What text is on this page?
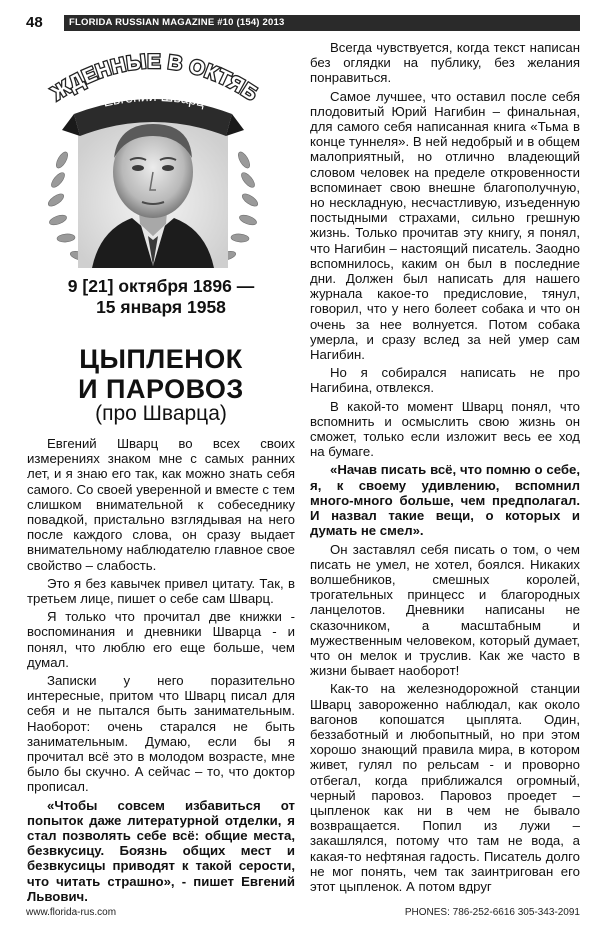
48	FLORIDA RUSSIAN MAGAZINE #10 (154) 2013
ЖДЕННЫЕ В ОКТЯБ
Евгений Шварц
9 [21] октября 1896 —
15 января 1958
ЦЫПЛЕНОК
И ПАРОВОЗ
(про Шварца)

Евгений Шварц во всех своих измерениях знаком мне с самых ранних лет, и я знаю его так, как можно знать себя самого. Со своей уверенной и вместе с тем слишком внимательной к собеседнику повадкой, пристально взглядывая на него после каждого слова, он сразу выдает внимательному наблюдателю главное свое свойство – слабость.

Это я без кавычек привел цитату. Так, в третьем лице, пишет о себе сам Шварц.

Я только что прочитал две книжки - воспоминания и дневники Шварца - и понял, что люблю его еще больше, чем думал.

Записки у него поразительно интересные, притом что Шварц писал для себя и не пытался быть занимательным. Наоборот: очень старался не быть занимательным. Думаю, если бы я прочитал всё это в молодом возрасте, мне было бы скучно. А сейчас – то, что доктор прописал.

«Чтобы совсем избавиться от попыток даже литературной отделки, я стал позволять себе всё: общие места, безвкусицу. Боязнь общих мест и безвкусицы приводят к такой серости, что читать страшно», - пишет Евгений Львович.

Всегда чувствуется, когда текст написан без оглядки на публику, без желания понравиться.

Самое лучшее, что оставил после себя плодовитый Юрий Нагибин – финальная, для самого себя написанная книга «Тьма в конце туннеля». В ней недобрый и в общем малоприятный, но отлично владеющий словом человек на пределе откровенности вспоминает свою внешне благополучную, но нескладную, несчастливую, изъеденную постыдными страхами, сильно грешную жизнь. Только прочитав эту книгу, я понял, что Нагибин – настоящий писатель. Заодно вспомнилось, каким он был в последние дни. Должен был написать для нашего журнала какое-то предисловие, тянул, говорил, что у него болеет собака и что он очень за нее волнуется. Потом собака умерла, и сразу вслед за ней умер сам Нагибин.

Но я собирался написать не про Нагибина, отвлекся.

В какой-то момент Шварц понял, что вспомнить и осмыслить свою жизнь он сможет, только если изложит весь ее ход на бумаге.

«Начав писать всё, что помню о себе, я, к своему удивлению, вспомнил много-много больше, чем предполагал. И назвал такие вещи, о которых и думать не смел».

Он заставлял себя писать о том, о чем писать не умел, не хотел, боялся. Никаких волшебников, смешных королей, трогательных принцесс и благородных ланцелотов. Дневники написаны не сказочником, а масштабным и мужественным человеком, который думает, что он мелок и труслив. Как же часто в жизни бывает наоборот!

Как-то на железнодорожной станции Шварц завороженно наблюдал, как около вагонов копошатся цыплята. Один, беззаботный и любопытный, но при этом хорошо знающий правила мира, в котором живет, гулял по рельсам - и проворно отбегал, когда приближался огромный, черный паровоз. Паровоз проедет – цыпленок как ни в чем не бывало возвращается. Попил из лужи – закашлялся, потому что там не вода, а какая-то нефтяная гадость. Писатель долго не мог понять, чем так заинтригован его этот цыпленок. А потом вдруг

www.florida-rus.com	PHONES: 786-252-6616 305-343-2091
